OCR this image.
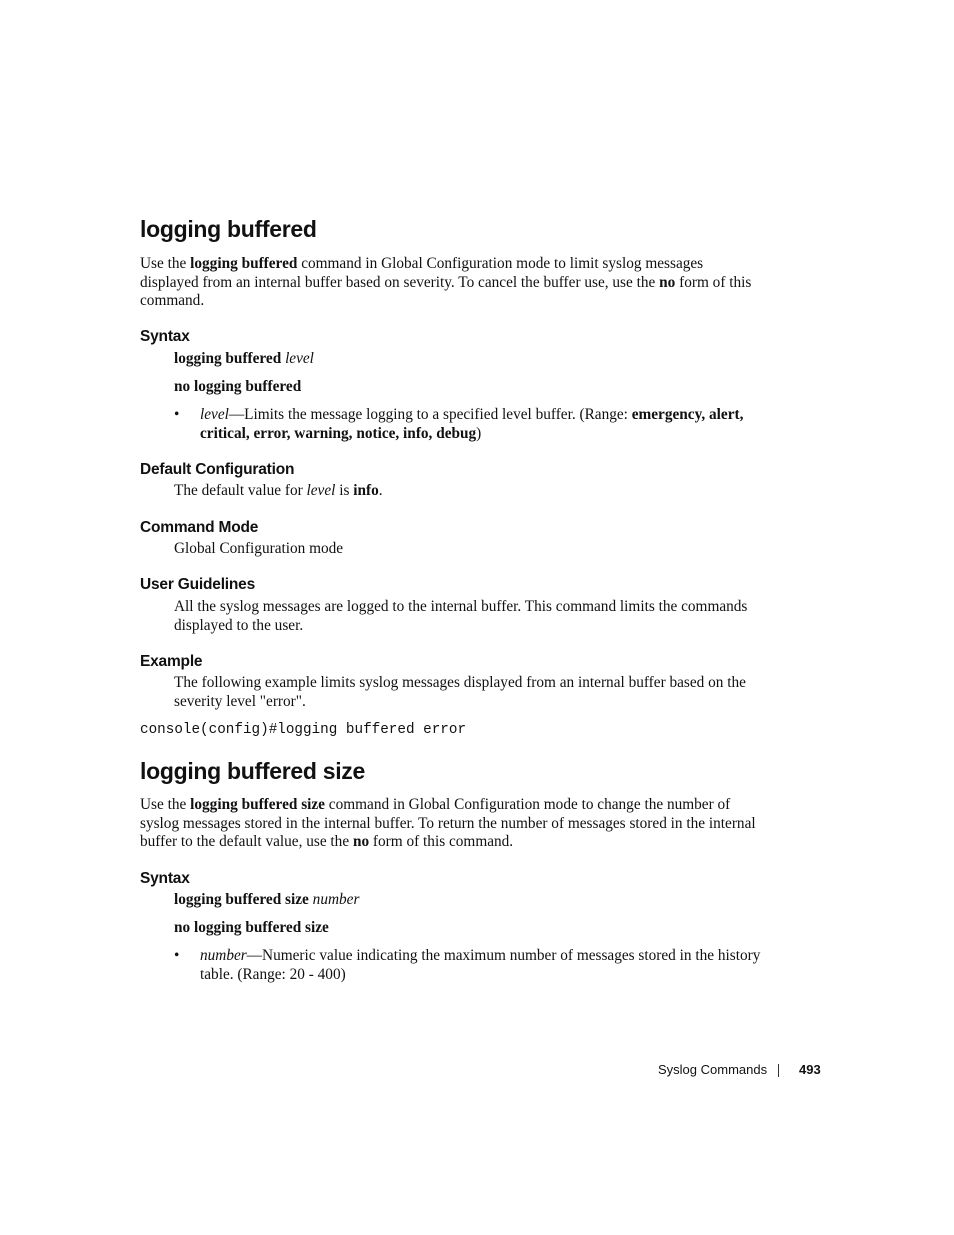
logging buffered

Use the logging buffered command in Global Configuration mode to limit syslog messages displayed from an internal buffer based on severity. To cancel the buffer use, use the no form of this command.

Syntax

logging buffered level

no logging buffered

• level—Limits the message logging to a specified level buffer. (Range: emergency, alert, critical, error, warning, notice, info, debug)

Default Configuration

The default value for level is info.

Command Mode

Global Configuration mode

User Guidelines

All the syslog messages are logged to the internal buffer. This command limits the commands displayed to the user.

Example

The following example limits syslog messages displayed from an internal buffer based on the severity level "error".

console(config)#logging buffered error
logging buffered size

Use the logging buffered size command in Global Configuration mode to change the number of syslog messages stored in the internal buffer. To return the number of messages stored in the internal buffer to the default value, use the no form of this command.

Syntax

logging buffered size number

no logging buffered size

• number—Numeric value indicating the maximum number of messages stored in the history table. (Range: 20 - 400)

Syslog Commands 493
